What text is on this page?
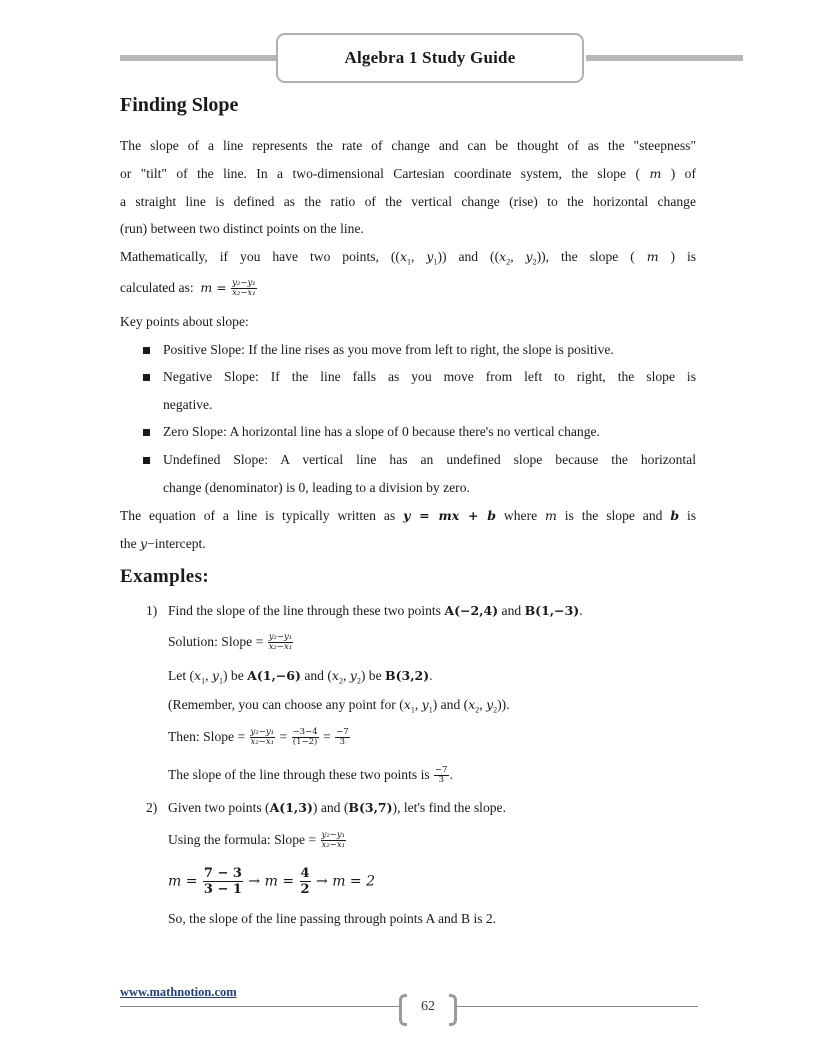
Algebra 1 Study Guide
Finding Slope
The slope of a line represents the rate of change and can be thought of as the "steepness"
or "tilt" of the line. In a two-dimensional Cartesian coordinate system, the slope ( m ) of
a straight line is defined as the ratio of the vertical change (rise) to the horizontal change
(run) between two distinct points on the line.
Mathematically, if you have two points, (($x_1$, $y_1$)) and (($x_2$, $y_2$)), the slope ( m ) is
calculated as: $m = \frac{\text{y₂−y₁}}{\text{x₂−x₁}}$
Key points about slope:
Positive Slope: If the line rises as you move from left to right, the slope is positive.
Negative Slope: If the line falls as you move from left to right, the slope is
negative.
Zero Slope: A horizontal line has a slope of 0 because there's no vertical change.
Undefined Slope: A vertical line has an undefined slope because the horizontal
change (denominator) is 0, leading to a division by zero.
The equation of a line is typically written as y = mx + b where m is the slope and b is
the y−intercept.
Examples:
1) Find the slope of the line through these two points A(−2,4) and B(1,−3).
Solution: Slope = $\frac{\text{y₂−y₁}}{\text{x₂−x₁}}$
Let ($x_1$, $y_1$) be A(1,−6) and ($x_2$, $y_2$) be B(3,2).
(Remember, you can choose any point for ($x_1$, $y_1$) and ($x_2$, $y_2$)).
Then: Slope = $\frac{\text{y₂−y₁}}{\text{x₂−x₁}} = \frac{-3-4}{(1-2)} = \frac{-7}{3}$
The slope of the line through these two points is $\frac{-7}{3}$ .
2) Given two points (A(1,3)) and (B(3,7)), let's find the slope.
Using the formula: Slope = $\frac{\text{y₂−y₁}}{\text{x₂−x₁}}$
$m = \frac{7 - 3}{3 - 1} \to m = \frac{4}{2} \to m = 2$
So, the slope of the line passing through points A and B is 2.
www.mathnotion.com
62
